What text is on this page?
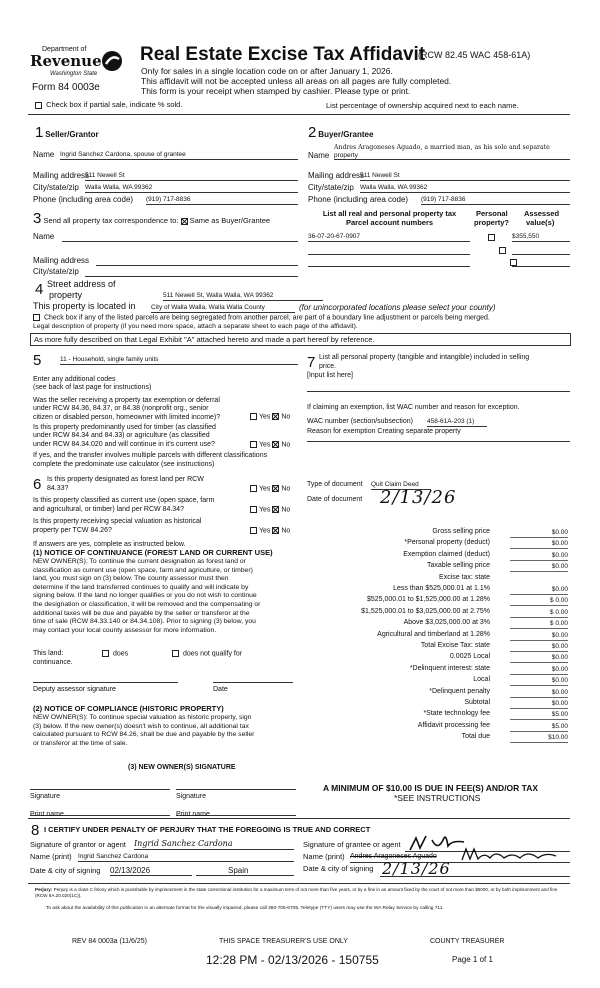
Department of
Revenue
Washington State
Form 84 0003e
Real Estate Excise Tax Affidavit
(RCW 82.45 WAC 458-61A)
Only for sales in a single location code on or after January 1, 2026.
This affidavit will not be accepted unless all areas on all pages are fully completed.
This form is your receipt when stamped by cashier. Please type or print.
Check box if partial sale, indicate % sold.	List percentage of ownership acquired next to each name.
1 Seller/Grantor
Name Ingrid Sanchez Cardona, spouse of grantee
Mailing address
511 Newell St
City/state/zip Walla Walla, WA 99362
Phone (including area code) (919) 717-8836
2 Buyer/Grantee
Andres Aragoneses Aguado, a married man, as his sole and separate
Name property
Mailing address
511 Newell St
City/state/zip Walla Walla, WA 99362
Phone (including area code) (919) 717-8836
3 Send all property tax correspondence to: Same as Buyer/Grantee
Name
Mailing address
City/state/zip
List all real and personal property tax
Parcel account numbers
Personal
property?
Assessed
value(s)
36-07-20-67-0907
	$355,550

4 Street address of
property	511 Newell St, Walla Walla, WA 99362
This property is located in City of Walla Walla, Walla Walla County	(for unincorporated locations please select your county)
Check box if any of the listed parcels are being segregated from another parcel, are part of a boundary line adjustment or parcels being merged.
Legal description of property (if you need more space, attach a separate sheet to each page of the affidavit).
As more fully described on that Legal Exhibit "A" attached hereto and made a part hereof by reference.
5	11 - Household, single family units
Enter any additional codes
(see back of last page for instructions)
Was the seller receiving a property tax exemption or deferral
under RCW 84.36, 84.37, or 84.38 (nonprofit org., senior
citizen or disabled person, homeowner with limited income)?	Yes No
Is this property predominantly used for timber (as classified
under RCW 84.34 and 84.33) or agriculture (as classified
under RCW 84.34.020 and will continue in it's current use?	Yes No
If yes, and the transfer involves multiple parcels with different classifications
complete the predominate use calculator (see instructions)
6 Is this property designated as forest land per RCW
84.33?	Yes No
Is this property classified as current use (open space, farm
and agricultural, or timber) land per RCW 84.34?	Yes No
Is this property receiving special valuation as historical
property per TCW 84.26?	Yes No
If answers are yes, complete as instructed below.
(1) NOTICE OF CONTINUANCE (FOREST LAND OR CURRENT USE)
NEW OWNER(S): To continue the current designation as forest land or
classification as current use (open space, farm and agriculture, or timber)
land, you must sign on (3) below. The county assessor must then
determine if the land transferred continues to qualify and will indicate by
signing below. If the land no longer qualifies or you do not wish to continue
the designation or classification, it will be removed and the compensating or
additional taxes will be due and payable by the seller or transferor at the
time of sale (RCW 84.33.140 or 84.34.108). Prior to signing (3) below, you
may contact your local county assessor for more information.
This land:
continuance.
does	does not qualify for
Deputy assessor signature	Date
(2) NOTICE OF COMPLIANCE (HISTORIC PROPERTY)
NEW OWNER(S): To continue special valuation as historic property, sign
(3) below. If the new owner(s) doesn't wish to continue, all additional tax
calculated pursuant to RCW 84.26, shall be due and payable by the seller
or transferor at the time of sale.
(3) NEW OWNER(S) SIGNATURE
Signature	Signature
Print name	Print name
7 List all personal property (tangible and intangible) included in selling
price.
[Input list here]
If claiming an exemption, list WAC number and reason for exception.
WAC number (section/subsection) 458-61A-203 (1)
Reason for exemption Creating separate property
Type of document Quit Claim Deed
Date of document 2/13/26
Gross selling price	$0.00
*Personal property (deduct)	$0.00
Exemption claimed (deduct)	$0.00
Taxable selling price	$0.00
Excise tax: state
Less than $525,000.01 at 1.1%	$0.00
$525,000.01 to $1,525,000.00 at 1.28%	$ 0.00
$1,525,000.01 to $3,025,000.00 at 2.75%	$ 0.00
Above $3,025,000.00 at 3%	$ 0.00
Agricultural and timberland at 1.28%	$0.00
Total Excise Tax: state	$0.00
0.0025 Local	$0.00
*Delinquent interest: state	$0.00
Local	$0.00
*Delinquent penalty	$0.00
Subtotal	$0.00
*State technology fee	$5.00
Affidavit processing fee	$5.00
Total due	$10.00
A MINIMUM OF $10.00 IS DUE IN FEE(S) AND/OR TAX
*SEE INSTRUCTIONS
8 I CERTIFY UNDER PENALTY OF PERJURY THAT THE FOREGOING IS TRUE AND CORRECT
Signature of grantor or agent Ingrid Sanchez Cardona
Name (print) Ingrid Sanchez Cardona
Date & city of signing 02/13/2026	Spain
Signature of grantee or agent
Name (print) Andres Aragoneses Aguado
Date & city of signing 2/13/26
Perjury: Perjury is a class C felony which is punishable by imprisonment in the state correctional institution for a maximum term of not more than five years, or by a fine in an amount fixed by the court of not more than $5000, or by both imprisonment and fine (RCW 9A.20.020(1C)).
To ask about the availability of this publication in an alternate format for the visually impaired, please call 360-705-6705. Teletype (TTY) users may use the WA Relay Service by calling 711.
REV 84 0003a (11/6/25)	THIS SPACE TREASURER'S USE ONLY	COUNTY TREASURER
12:28 PM - 02/13/2026 - 150755	Page 1 of 1
